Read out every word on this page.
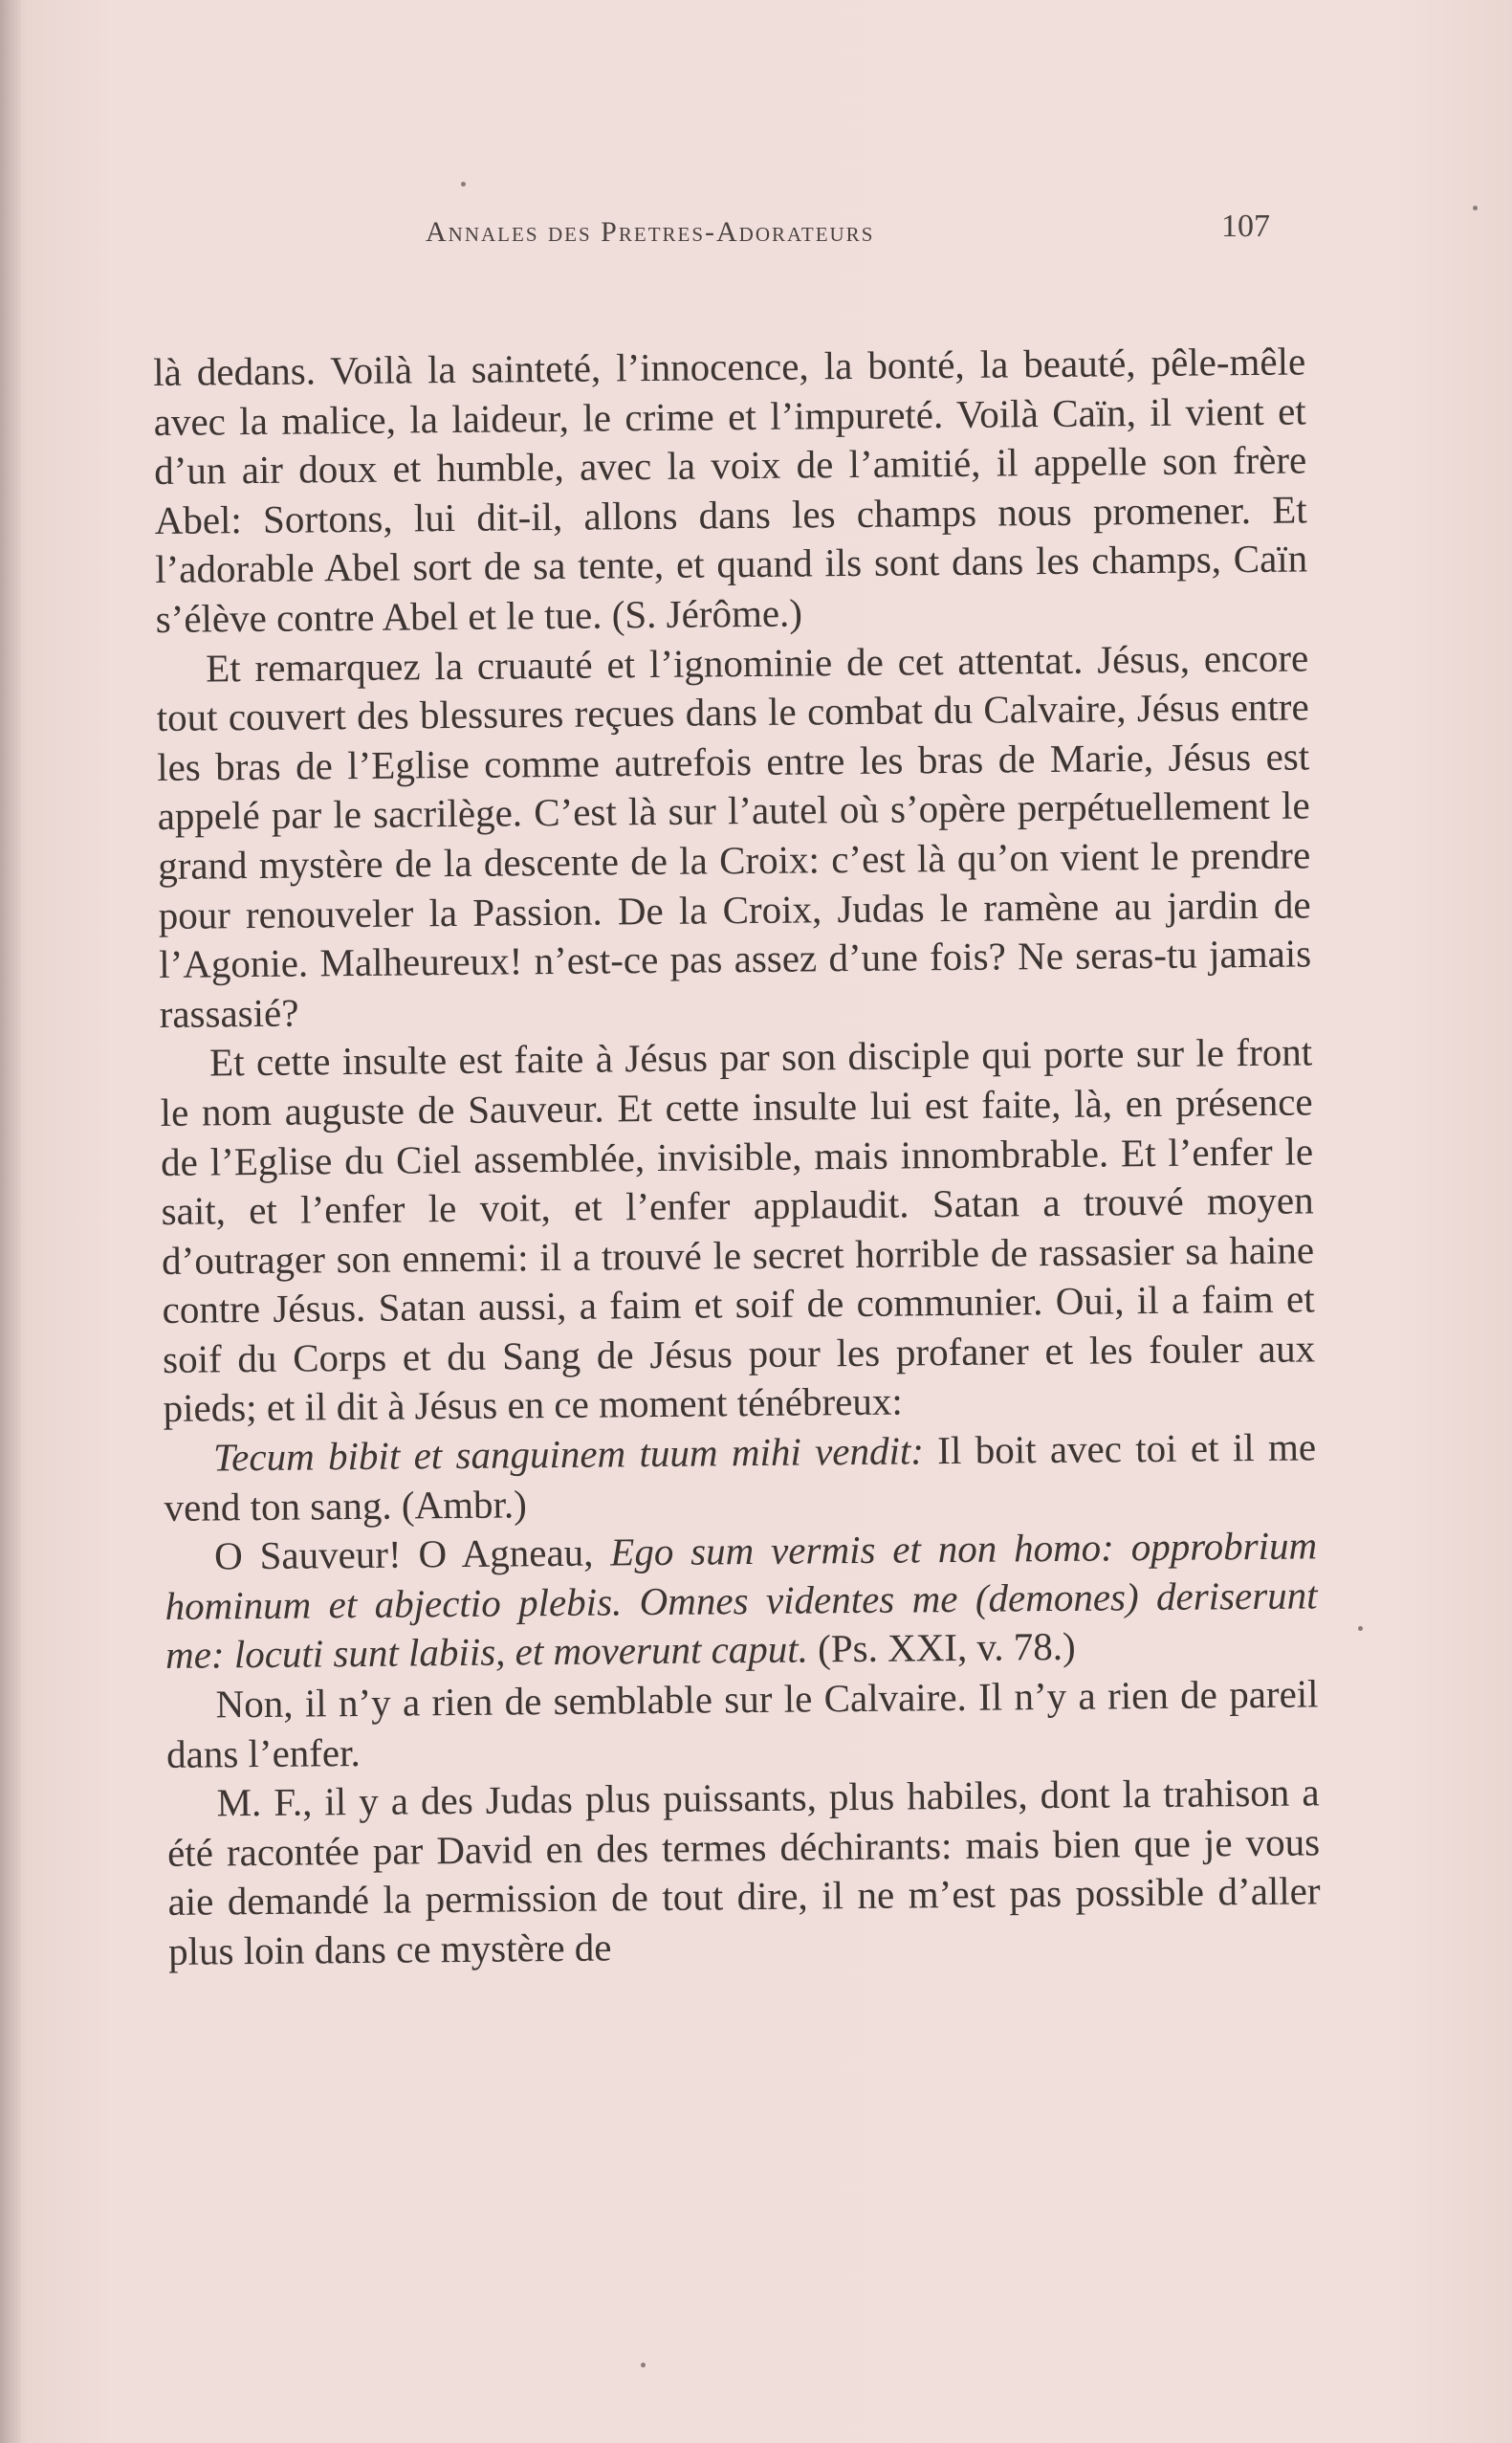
Annales des Pretres-Adorateurs	107

là dedans. Voilà la sainteté, l’innocence, la bonté, la beauté, pêle-mêle avec la malice, la laideur, le crime et l’impureté. Voilà Caïn, il vient et d’un air doux et humble, avec la voix de l’amitié, il appelle son frère Abel: Sortons, lui dit-il, allons dans les champs nous promener. Et l’adorable Abel sort de sa tente, et quand ils sont dans les champs, Caïn s’élève contre Abel et le tue. (S. Jérôme.)

Et remarquez la cruauté et l’ignominie de cet attentat. Jésus, encore tout couvert des blessures reçues dans le combat du Calvaire, Jésus entre les bras de l’Eglise comme autrefois entre les bras de Marie, Jésus est appelé par le sacrilège. C’est là sur l’autel où s’opère perpétuellement le grand mystère de la descente de la Croix: c’est là qu’on vient le prendre pour renouveler la Passion. De la Croix, Judas le ramène au jardin de l’Agonie. Malheureux! n’est-ce pas assez d’une fois? Ne seras-tu jamais rassasié?

Et cette insulte est faite à Jésus par son disciple qui porte sur le front le nom auguste de Sauveur. Et cette insulte lui est faite, là, en présence de l’Eglise du Ciel assemblée, invisible, mais innombrable. Et l’enfer le sait, et l’enfer le voit, et l’enfer applaudit. Satan a trouvé moyen d’outrager son ennemi: il a trouvé le secret horrible de rassasier sa haine contre Jésus. Satan aussi, a faim et soif de communier. Oui, il a faim et soif du Corps et du Sang de Jésus pour les profaner et les fouler aux pieds; et il dit à Jésus en ce moment ténébreux:

Tecum bibit et sanguinem tuum mihi vendit: Il boit avec toi et il me vend ton sang. (Ambr.)

O Sauveur! O Agneau, Ego sum vermis et non homo: opprobrium hominum et abjectio plebis. Omnes videntes me (demones) deriserunt me: locuti sunt labiis, et moverunt caput. (Ps. XXI, v. 78.)

Non, il n’y a rien de semblable sur le Calvaire. Il n’y a rien de pareil dans l’enfer.

M. F., il y a des Judas plus puissants, plus habiles, dont la trahison a été racontée par David en des termes déchirants: mais bien que je vous aie demandé la permission de tout dire, il ne m’est pas possible d’aller plus loin dans ce mystère de
